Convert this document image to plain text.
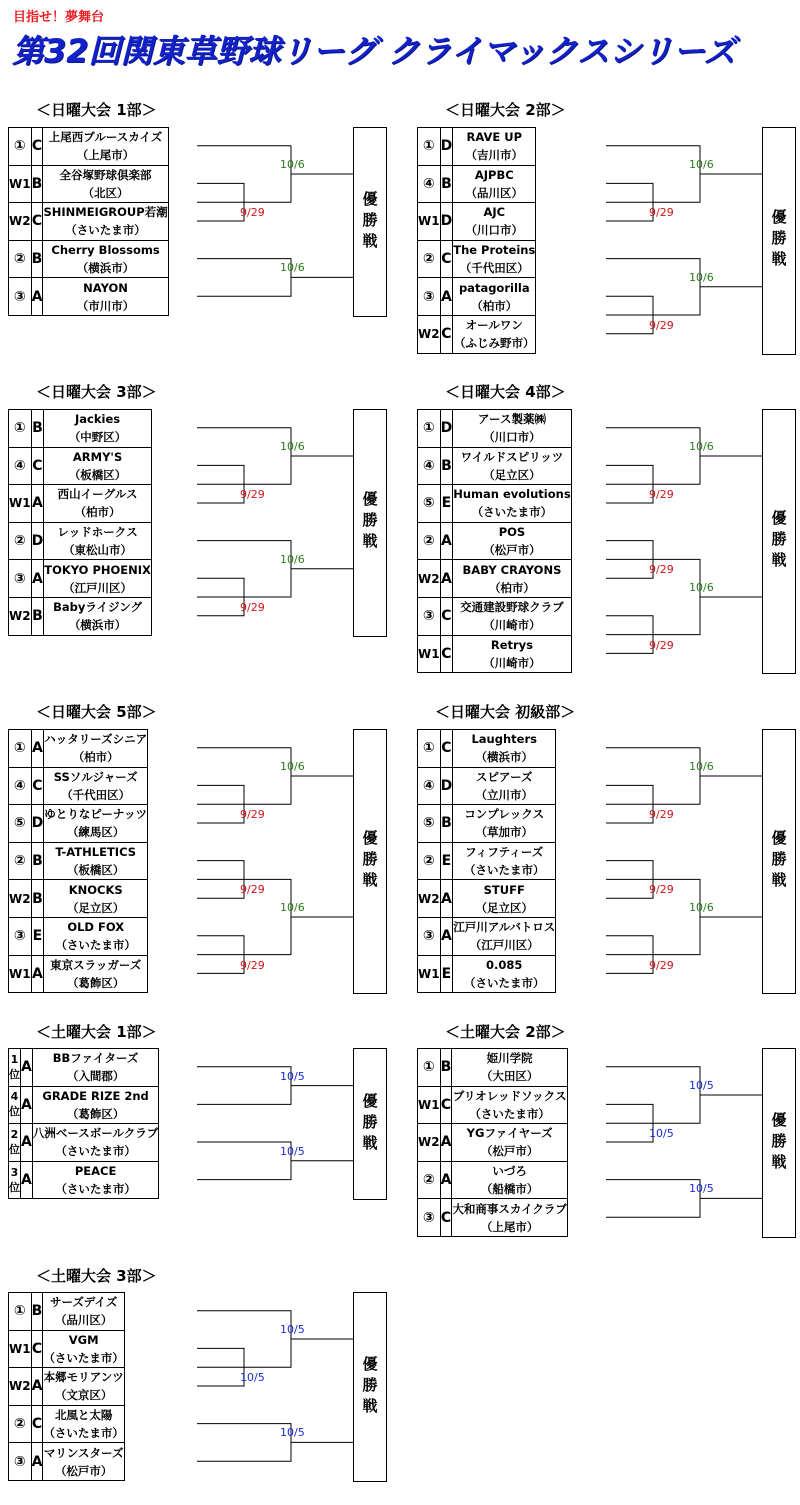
目指せ！夢舞台
第32回関東草野球リーグ クライマックスシリーズ
＜日曜大会 1部＞
①	C	上尾西ブルースカイズ
（上尾市）

W1	B	全谷塚野球倶楽部
（北区）

W2	C	SHINMEIGROUP若潮
（さいたま市）

②	B	Cherry Blossoms
（横浜市）

③	A	NAYON
（市川市）
9/29
10/6
10/6
優勝戦
＜日曜大会 2部＞
①	D	RAVE UP
（吉川市）

④	B	AJPBC
（品川区）

W1	D	AJC
（川口市）

②	C	The Proteins
（千代田区）

③	A	patagorilla
（柏市）

W2	C	オールワン
（ふじみ野市）
9/29
10/6
9/29
10/6
優勝戦
＜日曜大会 3部＞
①	B	Jackies
（中野区）

④	C	ARMY'S
（板橋区）

W1	A	西山イーグルス
（柏市）

②	D	レッドホークス
（東松山市）

③	A	TOKYO PHOENIX
（江戸川区）

W2	B	Babyライジング
（横浜市）
9/29
10/6
9/29
10/6
優勝戦
＜日曜大会 4部＞
①	D	アース製薬㈱
（川口市）

④	B	ワイルドスピリッツ
（足立区）

⑤	E	Human evolutions
（さいたま市）

②	A	POS
（松戸市）

W2	A	BABY CRAYONS
（柏市）

③	C	交通建設野球クラブ
（川崎市）

W1	C	Retrys
（川崎市）
9/29
10/6
9/29
9/29
10/6
優勝戦
＜日曜大会 5部＞
①	A	ハッタリーズシニア
（柏市）

④	C	SSソルジャーズ
（千代田区）

⑤	D	ゆとりなピーナッツ
（練馬区）

②	B	T-ATHLETICS
（板橋区）

W2	B	KNOCKS
（足立区）

③	E	OLD FOX
（さいたま市）

W1	A	東京スラッガーズ
（葛飾区）
9/29
10/6
9/29
9/29
10/6
優勝戦
＜日曜大会 初級部＞
①	C	Laughters
（横浜市）

④	D	スピアーズ
（立川市）

⑤	B	コンプレックス
（草加市）

②	E	フィフティーズ
（さいたま市）

W2	A	STUFF
（足立区）

③	A	江戸川アルバトロス
（江戸川区）

W1	E	0.085
（さいたま市）
9/29
10/6
9/29
9/29
10/6
優勝戦
＜土曜大会 1部＞
1位	A	BBファイターズ
（入間郡）

4位	A	GRADE RIZE 2nd
（葛飾区）

2位	A	八洲ベースボールクラブ
（さいたま市）

3位	A	PEACE
（さいたま市）
10/5
10/5	優勝戦
＜土曜大会 2部＞
①	B	姫川学院
（大田区）

W1	C	ブリオレッドソックス
（さいたま市）

W2	A	YGファイヤーズ
（松戸市）

②	A	いづろ
（船橋市）

③	C	大和商事スカイクラブ
（上尾市）
10/5
10/5
10/5
優勝戦
＜土曜大会 3部＞
①	B	サーズデイズ
（品川区）

W1	C	VGM
（さいたま市）

W2	A	本郷モリアンツ
（文京区）

②	C	北風と太陽
（さいたま市）

③	A	マリンスターズ
（松戸市）
10/5
10/5
10/5
優勝戦
